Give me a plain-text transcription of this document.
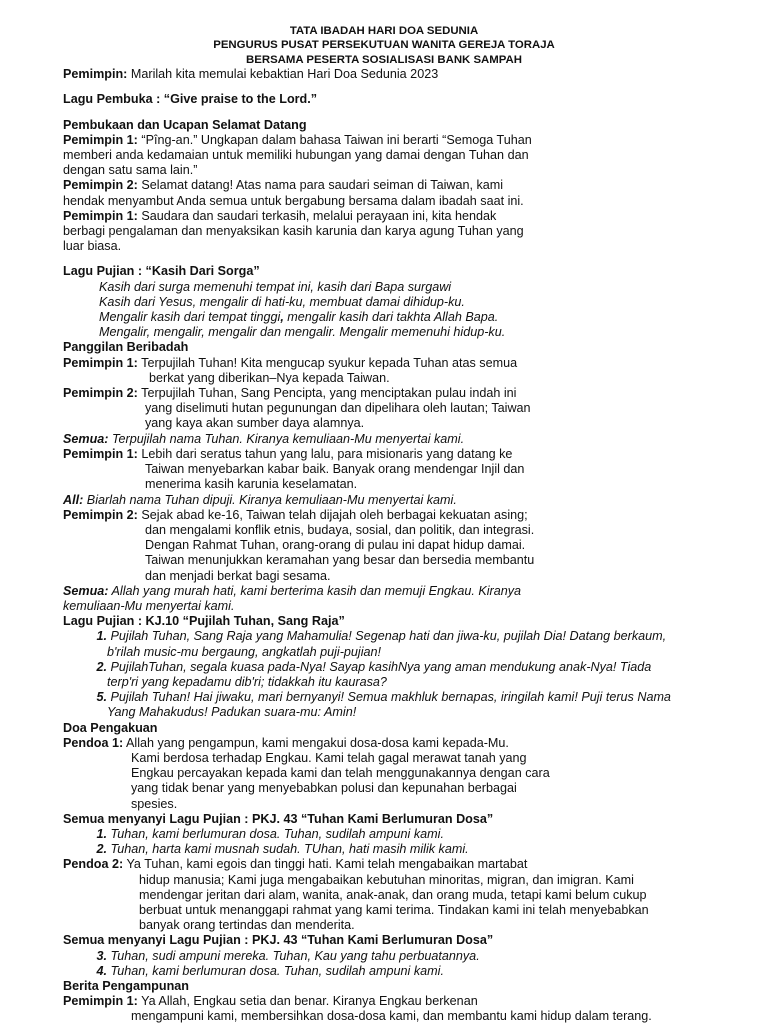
TATA IBADAH HARI DOA SEDUNIA
PENGURUS PUSAT PERSEKUTUAN WANITA GEREJA TORAJA
BERSAMA PESERTA SOSIALISASI BANK SAMPAH
Pemimpin: Marilah kita memulai kebaktian Hari Doa Sedunia 2023
Lagu Pembuka : “Give praise to the Lord.”
Pembukaan dan Ucapan Selamat Datang
Pemimpin 1: “Pîng-an.” Ungkapan dalam bahasa Taiwan ini berarti “Semoga Tuhan
memberi anda kedamaian untuk memiliki hubungan yang damai dengan Tuhan dan
dengan satu sama lain.”
Pemimpin 2: Selamat datang! Atas nama para saudari seiman di Taiwan, kami
hendak menyambut Anda semua untuk bergabung bersama dalam ibadah saat ini.
Pemimpin 1: Saudara dan saudari terkasih, melalui perayaan ini, kita hendak
berbagi pengalaman dan menyaksikan kasih karunia dan karya agung Tuhan yang
luar biasa.
Lagu Pujian : “Kasih Dari Sorga”
Kasih dari surga memenuhi tempat ini, kasih dari Bapa surgawi
Kasih dari Yesus, mengalir di hati-ku, membuat damai dihidup-ku.
Mengalir kasih dari tempat tinggi, mengalir kasih dari takhta Allah Bapa.
Mengalir, mengalir, mengalir dan mengalir. Mengalir memenuhi hidup-ku.
Panggilan Beribadah
Pemimpin 1: Terpujilah Tuhan! Kita mengucap syukur kepada Tuhan atas semua
berkat yang diberikan–Nya kepada Taiwan.
Pemimpin 2: Terpujilah Tuhan, Sang Pencipta, yang menciptakan pulau indah ini
yang diselimuti hutan pegunungan dan dipelihara oleh lautan; Taiwan
yang kaya akan sumber daya alamnya.
Semua: Terpujilah nama Tuhan. Kiranya kemuliaan-Mu menyertai kami.
Pemimpin 1: Lebih dari seratus tahun yang lalu, para misionaris yang datang ke
Taiwan menyebarkan kabar baik. Banyak orang mendengar Injil dan
menerima kasih karunia keselamatan.
All: Biarlah nama Tuhan dipuji. Kiranya kemuliaan-Mu menyertai kami.
Pemimpin 2: Sejak abad ke-16, Taiwan telah dijajah oleh berbagai kekuatan asing;
dan mengalami konflik etnis, budaya, sosial, dan politik, dan integrasi.
Dengan Rahmat Tuhan, orang-orang di pulau ini dapat hidup damai.
Taiwan menunjukkan keramahan yang besar dan bersedia membantu
dan menjadi berkat bagi sesama.
Semua: Allah yang murah hati, kami berterima kasih dan memuji Engkau. Kiranya
kemuliaan-Mu menyertai kami.
Lagu Pujian : KJ.10 “Pujilah Tuhan, Sang Raja”
1. Pujilah Tuhan, Sang Raja yang Mahamulia! Segenap hati dan jiwa-ku, pujilah Dia! Datang berkaum,
b'rilah music-mu bergaung, angkatlah puji-pujian!
2. PujilahTuhan, segala kuasa pada-Nya! Sayap kasihNya yang aman mendukung anak-Nya! Tiada
terp'ri yang kepadamu dib'ri; tidakkah itu kaurasa?
5. Pujilah Tuhan! Hai jiwaku, mari bernyanyi! Semua makhluk bernapas, iringilah kami! Puji terus Nama
Yang Mahakudus! Padukan suara-mu: Amin!
Doa Pengakuan
Pendoa 1: Allah yang pengampun, kami mengakui dosa-dosa kami kepada-Mu.
Kami berdosa terhadap Engkau. Kami telah gagal merawat tanah yang
Engkau percayakan kepada kami dan telah menggunakannya dengan cara
yang tidak benar yang menyebabkan polusi dan kepunahan berbagai
spesies.
Semua menyanyi Lagu Pujian : PKJ. 43 “Tuhan Kami Berlumuran Dosa”
1. Tuhan, kami berlumuran dosa. Tuhan, sudilah ampuni kami.
2. Tuhan, harta kami musnah sudah. TUhan, hati masih milik kami.
Pendoa 2: Ya Tuhan, kami egois dan tinggi hati. Kami telah mengabaikan martabat
hidup manusia; Kami juga mengabaikan kebutuhan minoritas, migran, dan imigran. Kami
mendengar jeritan dari alam, wanita, anak-anak, dan orang muda, tetapi kami belum cukup
berbuat untuk menanggapi rahmat yang kami terima. Tindakan kami ini telah menyebabkan
banyak orang tertindas dan menderita.
Semua menyanyi Lagu Pujian : PKJ. 43 “Tuhan Kami Berlumuran Dosa”
3. Tuhan, sudi ampuni mereka. Tuhan, Kau yang tahu perbuatannya.
4. Tuhan, kami berlumuran dosa. Tuhan, sudilah ampuni kami.
Berita Pengampunan
Pemimpin 1: Ya Allah, Engkau setia dan benar. Kiranya Engkau berkenan
mengampuni kami, membersihkan dosa-dosa kami, dan membantu kami hidup dalam terang.
